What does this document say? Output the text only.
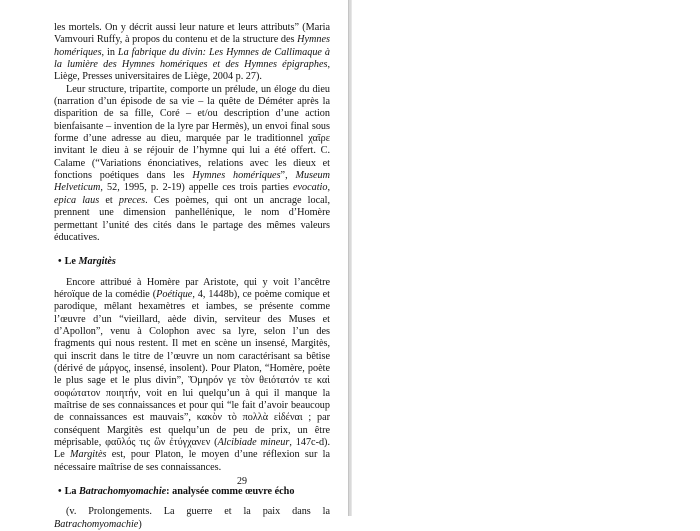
les mortels. On y décrit aussi leur nature et leurs attributs” (Maria Vamvouri Ruffy, à propos du contenu et de la structure des Hymnes homériques, in La fabrique du divin: Les Hymnes de Callimaque à la lumière des Hymnes homériques et des Hymnes épigraphes, Liège, Presses universitaires de Liège, 2004 p. 27).

Leur structure, tripartite, comporte un prélude, un éloge du dieu (narration d’un épisode de sa vie – la quête de Déméter après la disparition de sa fille, Coré – et/ou description d’une action bienfaisante – invention de la lyre par Hermès), un envoi final sous forme d’une adresse au dieu, marquée par le traditionnel χαῖρε invitant le dieu à se réjouir de l’hymne qui lui a été offert. C. Calame (“Variations énonciatives, relations avec les dieux et fonctions poétiques dans les Hymnes homériques”, Museum Helveticum, 52, 1995, p. 2-19) appelle ces trois parties evocatio, epica laus et preces. Ces poèmes, qui ont un ancrage local, prennent une dimension panhellénique, le nom d’Homère permettant l’unité des cités dans le partage des mêmes valeurs éducatives.

• Le Margitès

Encore attribué à Homère par Aristote, qui y voit l’ancêtre héroïque de la comédie (Poétique, 4, 1448b), ce poème comique et parodique, mêlant hexamètres et iambes, se présente comme l’œuvre d’un “vieillard, aède divin, serviteur des Muses et d’Apollon”, venu à Colophon avec sa lyre, selon l’un des fragments qui nous restent. Il met en scène un insensé, Margitès, qui inscrit dans le titre de l’œuvre un nom caractérisant sa bêtise (dérivé de μάργος, insensé, insolent). Pour Platon, “Homère, poète le plus sage et le plus divin”, Ὅμηρόν γε τὸν θειότατόν τε καὶ σοφώτατον ποιητήν, voit en lui quelqu’un à qui il manque la maîtrise de ses connaissances et pour qui “le fait d’avoir beaucoup de connaissances est mauvais”, κακὸν τὸ πολλὰ εἰδέναι ; par conséquent Margitès est quelqu’un de peu de prix, un être méprisable, φαῦλός τις ὢν ἐτύγχανεν (Alcibiade mineur, 147c-d). Le Margitès est, pour Platon, le moyen d’une réflexion sur la nécessaire maîtrise de ses connaissances.

• La Batrachomyomachie: analysée comme œuvre écho

(v. Prolongements. La guerre et la paix dans la Batrachomyomachie)

29
